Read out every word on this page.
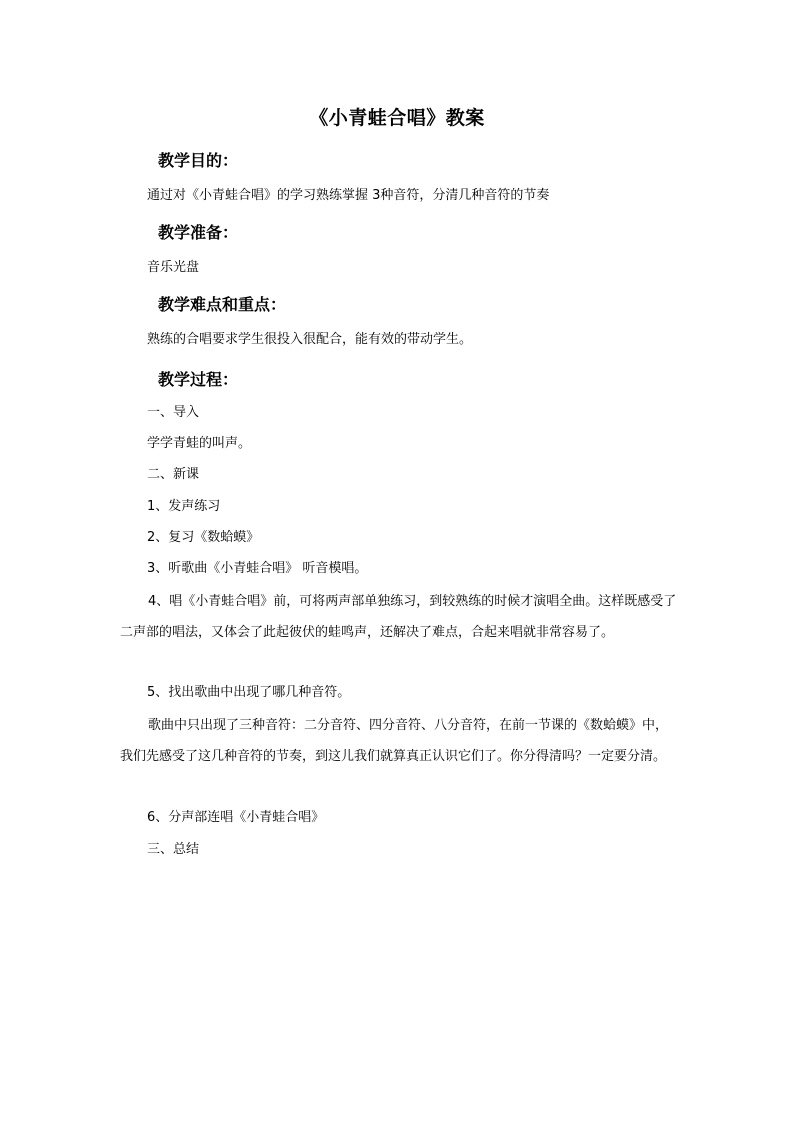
《小青蛙合唱》教案
教学目的：
通过对《小青蛙合唱》的学习熟练掌握 3种音符，分清几种音符的节奏
教学准备：
音乐光盘
教学难点和重点：
熟练的合唱要求学生很投入很配合，能有效的带动学生。
教学过程：
一、导入
学学青蛙的叫声。
二、新课
1、发声练习
2、复习《数蛤蟆》
3、听歌曲《小青蛙合唱》 听音模唱。

4、唱《小青蛙合唱》前，可将两声部单独练习，到较熟练的时候才演唱全曲。这样既感受了二声部的唱法，又体会了此起彼伏的蛙鸣声，还解决了难点，合起来唱就非常容易了。

5、找出歌曲中出现了哪几种音符。

歌曲中只出现了三种音符：二分音符、四分音符、八分音符，在前一节课的《数蛤蟆》中，我们先感受了这几种音符的节奏，到这儿我们就算真正认识它们了。你分得清吗？一定要分清。

6、分声部连唱《小青蛙合唱》
三、总结
